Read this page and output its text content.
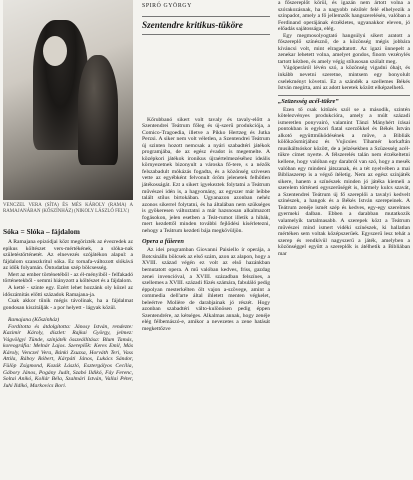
VENCZEL VERA (SÍTA) ÉS MÉS KÁROLY (RAMA) A RAMAJANÁBAN (KŐSZÍNHÁZ) (NIKOLY LÁSZLÓ FELV.)
Sóka = Slóka – fájdalom

A Ramajana epizódjai közt megörizték az évezredek az epikus költészet vers-mértékének, a slóka-nak születéstörténetét. Az elnevezés szójátékon alapul: a fájdalom szanszkritul sóka. Ez tornafa-változott slókává az idők folyamán. Öntudatlan szép bölcsesség.

Mert az ember történetéből - az él-ményiből - felfakadó történetekből - semmi hiányzott a költészet és a fájdalom.

A ketté - szinte egy. Ezért lehet hozzánk oly közel az időszámítás előtti századok Ramajana-ja.

Csak akkor tűnik mégis távolinak, ha a fájdalmat gondosan kiszitálják - a por helyett - lágyak közül.

Ramajana (Kőszínház)

Fordította és átdolgította: Jánosy István, rendezte: Kazimir Károly, díszlet: Rajkai György, jelmez: Vágvölgyi Tünde, színjáték összeállítása: Blum Tamás, koreográfia: Melnár Lajos. Szereplők: Keres Emil, Más Károly, Venczel Vera, Bánki Zsuzsa, Horváth Teri, Vass Attila, Ráboy Róbert, Kárpáti János, Lukács Sándor, Fülöp Zsigmond, Kozák László, Esztergályos Cecília, Gábory János, Pogány Judit, Szabó Ildikó, Fáy Ferenc, Soltai Anikó, Kollár Béla, Szalmári István, Vallai Péter, Juhi Ildikó, Markovics Bori.

SPIRÓ GYÖRGY
Szentendre kritikus-tüköre

Kőrubbanó sikert volt tavaly és tavaly-előtt a Szentendrei Teátrum főleg és új-szerű produkciója, a Comico-Tragoedia, illetve a Pikko Hertzeg és Jutka Perzsi. A siker nem volt véletlen, a Szentendrei Teátrum új szinten hozott nemcsak a nyári szabadtéri játékok programjába, de az egész évadot is megemelte. A középkori játékok ironikus újraértelmezéséhez ideális környezetnek bizonyult a városka fő-tere, s a nézők felszabadult mókázás fogadta, és a közönség szívesen vette az egyébként felvonult öröm jelenetek felhőtlen játékosságát. Ezt a sikert igyekeztek folytatni a Teátrum művészei idén is, a hagyomány, az egyszer már leíbbe talált stílus birtokában. Ugyanazon azonban nehéz azonos sikerrel folytatni, és ha általában nem szükséges is gyökeresen változtatni a már hazsnosan alkalmazott fogásokon, jelen esetben a Teát-rumot illetik a hibák, mert kezdettől minden további fejlődési kísérletezni, nehogy a Teátrum kezdeti bája megkövüljön.

Opera a fűieren

Az idei programban Giovanni Paisiello ír operája, a Botcsinállu bölcsek az első szám, azon az alapon, hogy a XVIII. század végén ez volt az első hazánkban bemutatott opera. A mű valóban kedves, friss, gazdag zenei invencióval, a XVIII. században felszínes, a szellemes a XVIII. századi fűzés számára, fabuláló pedig éppolyan mesterkélten ölt vajon a-szövege, amint a commedia dell'arte által ihletett menten végkelet, beleértve Molière de darabjainak jó részét. Hogy azonban szabadtéri válto-kulönösen pedig éppen Szentendrére, az kétséges. Alkalmas annak, hogy zenéje elég félbemászó-e, amikor a nevezetes a zene hatását megkettőzve

a főszereplőt körül, és igazán nem ártott volna a szórakozásnak, ha a nagyobb nézőtér felé elhelyezik a színpadot, amely a fő jellemzők hangszerelésén, valóban a Ferdinand operájának érzékletes, ugyanakkor eleven, jó előadás sajátossága, elég.

Egy megmosolyogtató hangsúlyú sikert aratott a főszereplő színésznő, de a közönség mégis jobbára kíváncsi volt, mint elragadtatott. Az igazi ünnepelt a zenekar lehetett volna, amelyet gondos, finom vezénylés tartott kézben, és amely végig stílusosan szólalt meg.

Vágóperáról lévén szó, a közönség vigadni óhajt, és inkább nevetni szeretne, mintsem egy bonyolult cselekményt követni. Ez a szándék a szellemes Békés István megírta, ami az adott keretek között elképzelhető.

„Szüzesség acél-tükre”

Ezen tő csak kitűzés szól se a második, szintén kötelezvényes produkcióra, amely a múlt századi ismeretlen ponyvairó, valamint Tánzi Mányhért írásai pontokban is egykori fiatal szerzőkkel és Békés István alkotó együttműködésének a műve, a Bibliák kölökzösmírjához és Vujicsies Tihamér korkaftán musikáltsóskor között, de a jelzésekben a Szüzesség acél-tükre címet nyerte. A félszerelés talán nem érzékeltetni kellene, hogy valóban egy darabról van szó, hogy a mesék valóban egy mindeni játszanak, és a tét nyelvében a mai Bibliaszerep is a végső ítéletig. Nem az egész színjáték sikere, hanem a színészek minden jó játéka kiemeli a szerelem történeti egyszerűségét is, bármely kulcs szavát, a Szentendrei Teátrum új fő szereplői a tavalyi kedvelt színészek, a hangok és a Békés István szerepeinek. A Teátrum zenéje ismét szép és kedves, egy-egy szerelmes gyermeki dalban. Ebben a darabban mutatkozik valamelyik tartalmasabb. A szerepek közt a Teátrum művészei mind ismert vidéki színészek, ki hallatlan mértéken sem voltak középszerűek. Egyszerű lesz tehát a szerep és rendkívül nagyszerű a játék, amelyben a közönséggel együtt a szereplők is átélhetik a Bibliában mar
